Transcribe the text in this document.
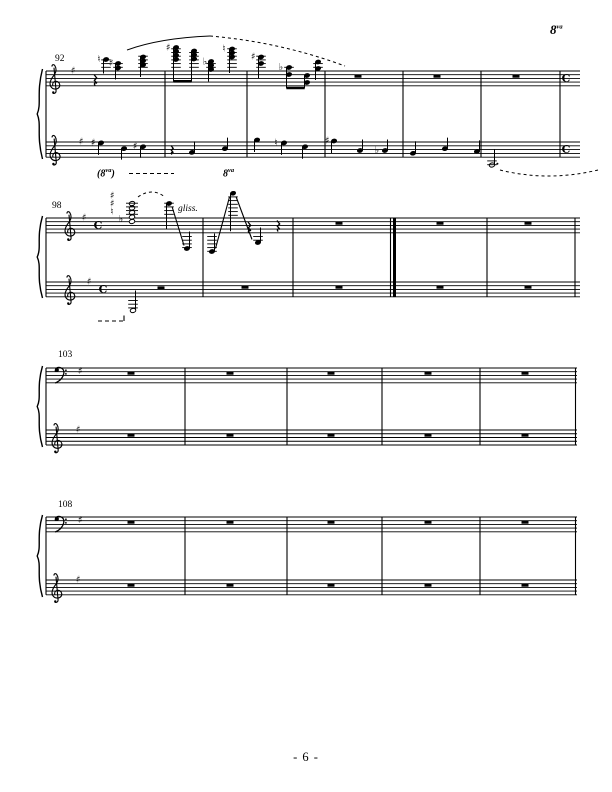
♯
♯
♯
♯
♯
♯
♯
♯
C
C
C
C
♮ ♯
♯
♭
♮
♯
♭
♯	♯	♮	♯
♭
♯
♯
♮
♭
92
98
103
108
gliss.
$(8^{va})$	$8^{va}$
$8^{va}$
- 6 -
